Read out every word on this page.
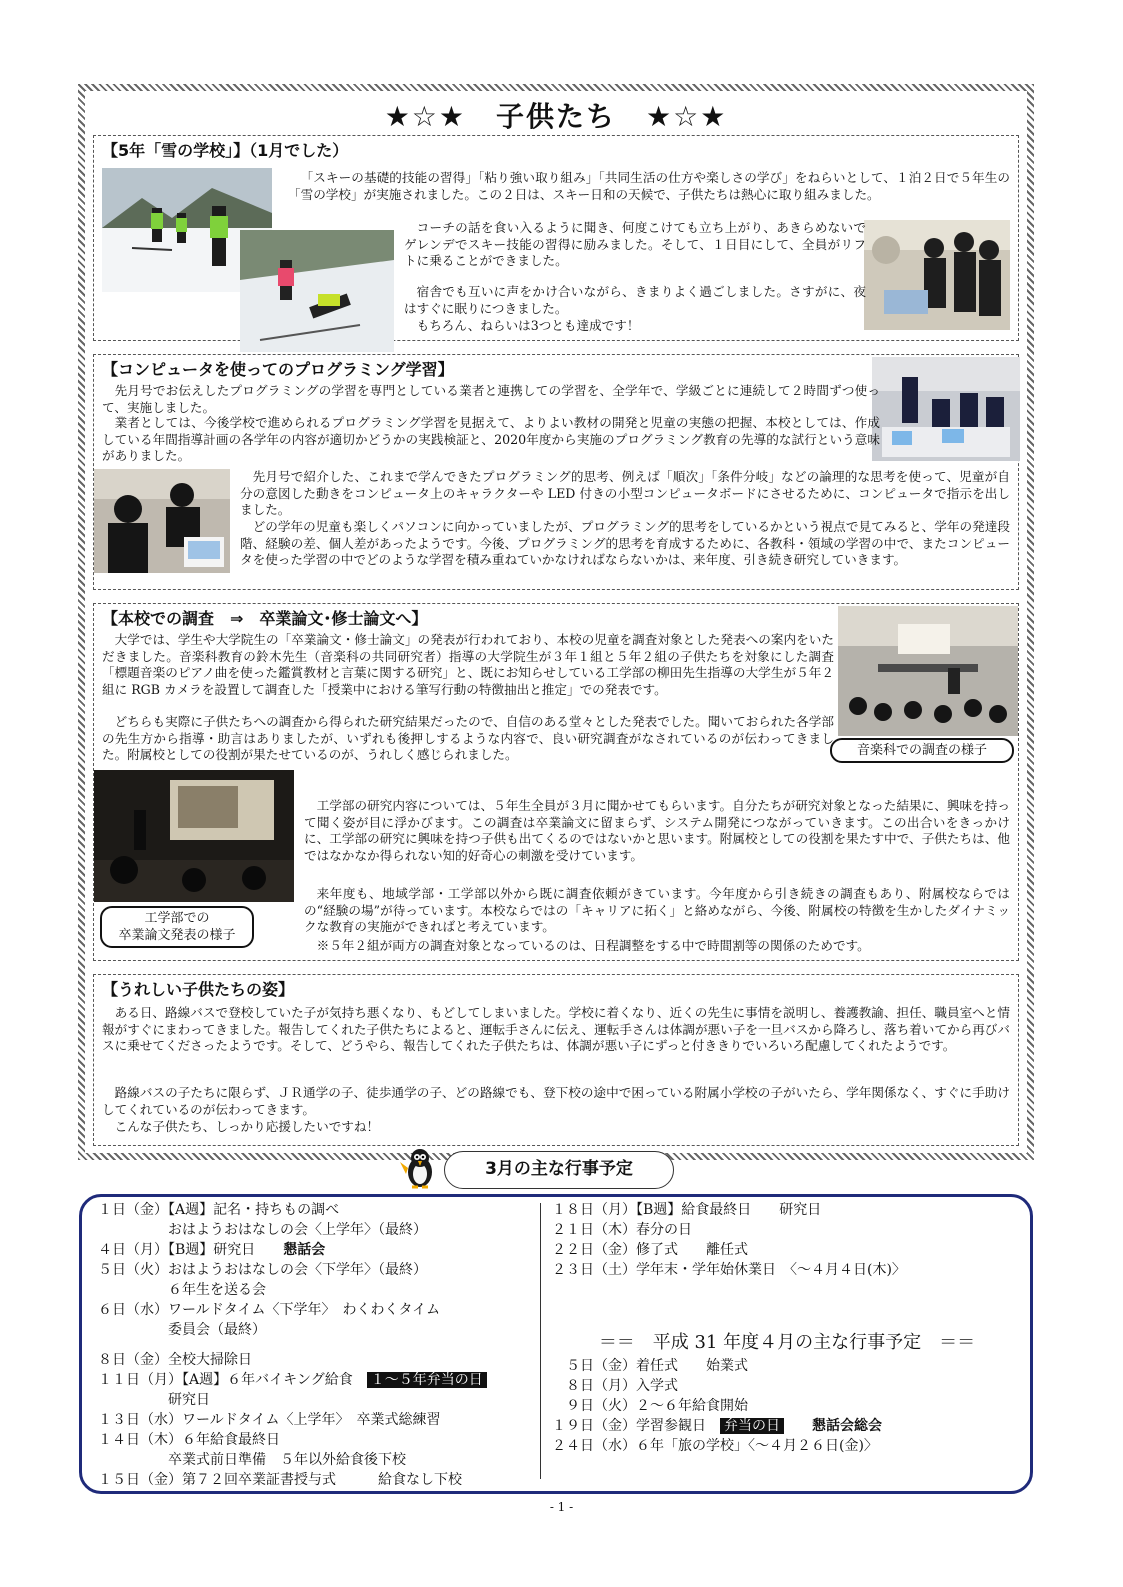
★☆★　子供たち　★☆★
【5年「雪の学校」】（1月でした）
「スキーの基礎的技能の習得」「粘り強い取り組み」「共同生活の仕方や楽しさの学び」をねらいとして、１泊２日で５年生の「雪の学校」が実施されました。この２日は、スキー日和の天候で、子供たちは熱心に取り組みました。
コーチの話を食い入るように聞き、何度こけても立ち上がり、あきらめないでゲレンデでスキー技能の習得に励みました。そして、１日目にして、全員がリフトに乗ることができました。
宿舎でも互いに声をかけ合いながら、きまりよく過ごしました。さすがに、夜はすぐに眠りにつきました。
もちろん、ねらいは3つとも達成です！
【コンピュータを使ってのプログラミング学習】
先月号でお伝えしたプログラミングの学習を専門としている業者と連携しての学習を、全学年で、学級ごとに連続して２時間ずつ使って、実施しました。
業者としては、今後学校で進められるプログラミング学習を見据えて、よりよい教材の開発と児童の実態の把握、本校としては、作成している年間指導計画の各学年の内容が適切かどうかの実践検証と、2020年度から実施のプログラミング教育の先導的な試行という意味がありました。
先月号で紹介した、これまで学んできたプログラミング的思考、例えば「順次」「条件分岐」などの論理的な思考を使って、児童が自分の意図した動きをコンピュータ上のキャラクターや LED 付きの小型コンピュータボードにさせるために、コンピュータで指示を出しました。
どの学年の児童も楽しくパソコンに向かっていましたが、プログラミング的思考をしているかという視点で見てみると、学年の発達段階、経験の差、個人差があったようです。今後、プログラミング的思考を育成するために、各教科・領域の学習の中で、またコンピュータを使った学習の中でどのような学習を積み重ねていかなければならないかは、来年度、引き続き研究していきます。
【本校での調査　⇒　卒業論文･修士論文へ】
音楽科での調査の様子
工学部での
卒業論文発表の様子
大学では、学生や大学院生の「卒業論文・修士論文」の発表が行われており、本校の児童を調査対象とした発表への案内をいただきました。音楽科教育の鈴木先生（音楽科の共同研究者）指導の大学院生が３年１組と５年２組の子供たちを対象にした調査「標題音楽のピアノ曲を使った鑑賞教材と言葉に関する研究」と、既にお知らせしている工学部の柳田先生指導の大学生が５年２組に RGB カメラを設置して調査した「授業中における筆写行動の特徴抽出と推定」での発表です。
どちらも実際に子供たちへの調査から得られた研究結果だったので、自信のある堂々とした発表でした。聞いておられた各学部の先生方から指導・助言はありましたが、いずれも後押しするような内容で、良い研究調査がなされているのが伝わってきました。附属校としての役割が果たせているのが、うれしく感じられました。
工学部の研究内容については、５年生全員が３月に聞かせてもらいます。自分たちが研究対象となった結果に、興味を持って聞く姿が目に浮かびます。この調査は卒業論文に留まらず、システム開発につながっていきます。この出合いをきっかけに、工学部の研究に興味を持つ子供も出てくるのではないかと思います。附属校としての役割を果たす中で、子供たちは、他ではなかなか得られない知的好奇心の刺激を受けています。
来年度も、地域学部・工学部以外から既に調査依頼がきています。今年度から引き続きの調査もあり、附属校ならではの“経験の場”が待っています。本校ならではの「キャリアに拓く」と絡めながら、今後、附属校の特徴を生かしたダイナミックな教育の実施ができればと考えています。
※５年２組が両方の調査対象となっているのは、日程調整をする中で時間割等の関係のためです。
【うれしい子供たちの姿】
ある日、路線バスで登校していた子が気持ち悪くなり、もどしてしまいました。学校に着くなり、近くの先生に事情を説明し、養護教諭、担任、職員室へと情報がすぐにまわってきました。報告してくれた子供たちによると、運転手さんに伝え、運転手さんは体調が悪い子を一旦バスから降ろし、落ち着いてから再びバスに乗せてくださったようです。そして、どうやら、報告してくれた子供たちは、体調が悪い子にずっと付ききりでいろいろ配慮してくれたようです。
路線バスの子たちに限らず、ＪＲ通学の子、徒歩通学の子、どの路線でも、登下校の途中で困っている附属小学校の子がいたら、学年関係なく、すぐに手助けしてくれているのが伝わってきます。
こんな子供たち、しっかり応援したいですね！
3月の主な行事予定
１日（金）【A週】記名・持ちもの調べ
　　　　　おはようおはなしの会〈上学年〉（最終）
４日（月）【B週】研究日　　懇話会
５日（火）おはようおはなしの会〈下学年〉（最終）
　　　　　６年生を送る会
６日（水）ワールドタイム〈下学年〉　わくわくタイム
　　　　　委員会（最終）
８日（金）全校大掃除日
１１日（月）【A週】６年バイキング給食　１～５年弁当の日
　　　　　研究日
１３日（水）ワールドタイム〈上学年〉　卒業式総練習
１４日（木）６年給食最終日
　　　　　卒業式前日準備　５年以外給食後下校
１５日（金）第７２回卒業証書授与式　　　給食なし下校
１８日（月）【B週】給食最終日　　研究日
２１日（木）春分の日
２２日（金）修了式　　離任式
２３日（土）学年末・学年始休業日　〈～４月４日(木)〉
＝＝　平成 31 年度４月の主な行事予定　＝＝
５日（金）着任式　　始業式
８日（月）入学式
９日（火）２～６年給食開始
１９日（金）学習参観日　弁当の日　　懇話会総会
２４日（水）６年「旅の学校」〈～４月２６日(金)〉
- 1 -
